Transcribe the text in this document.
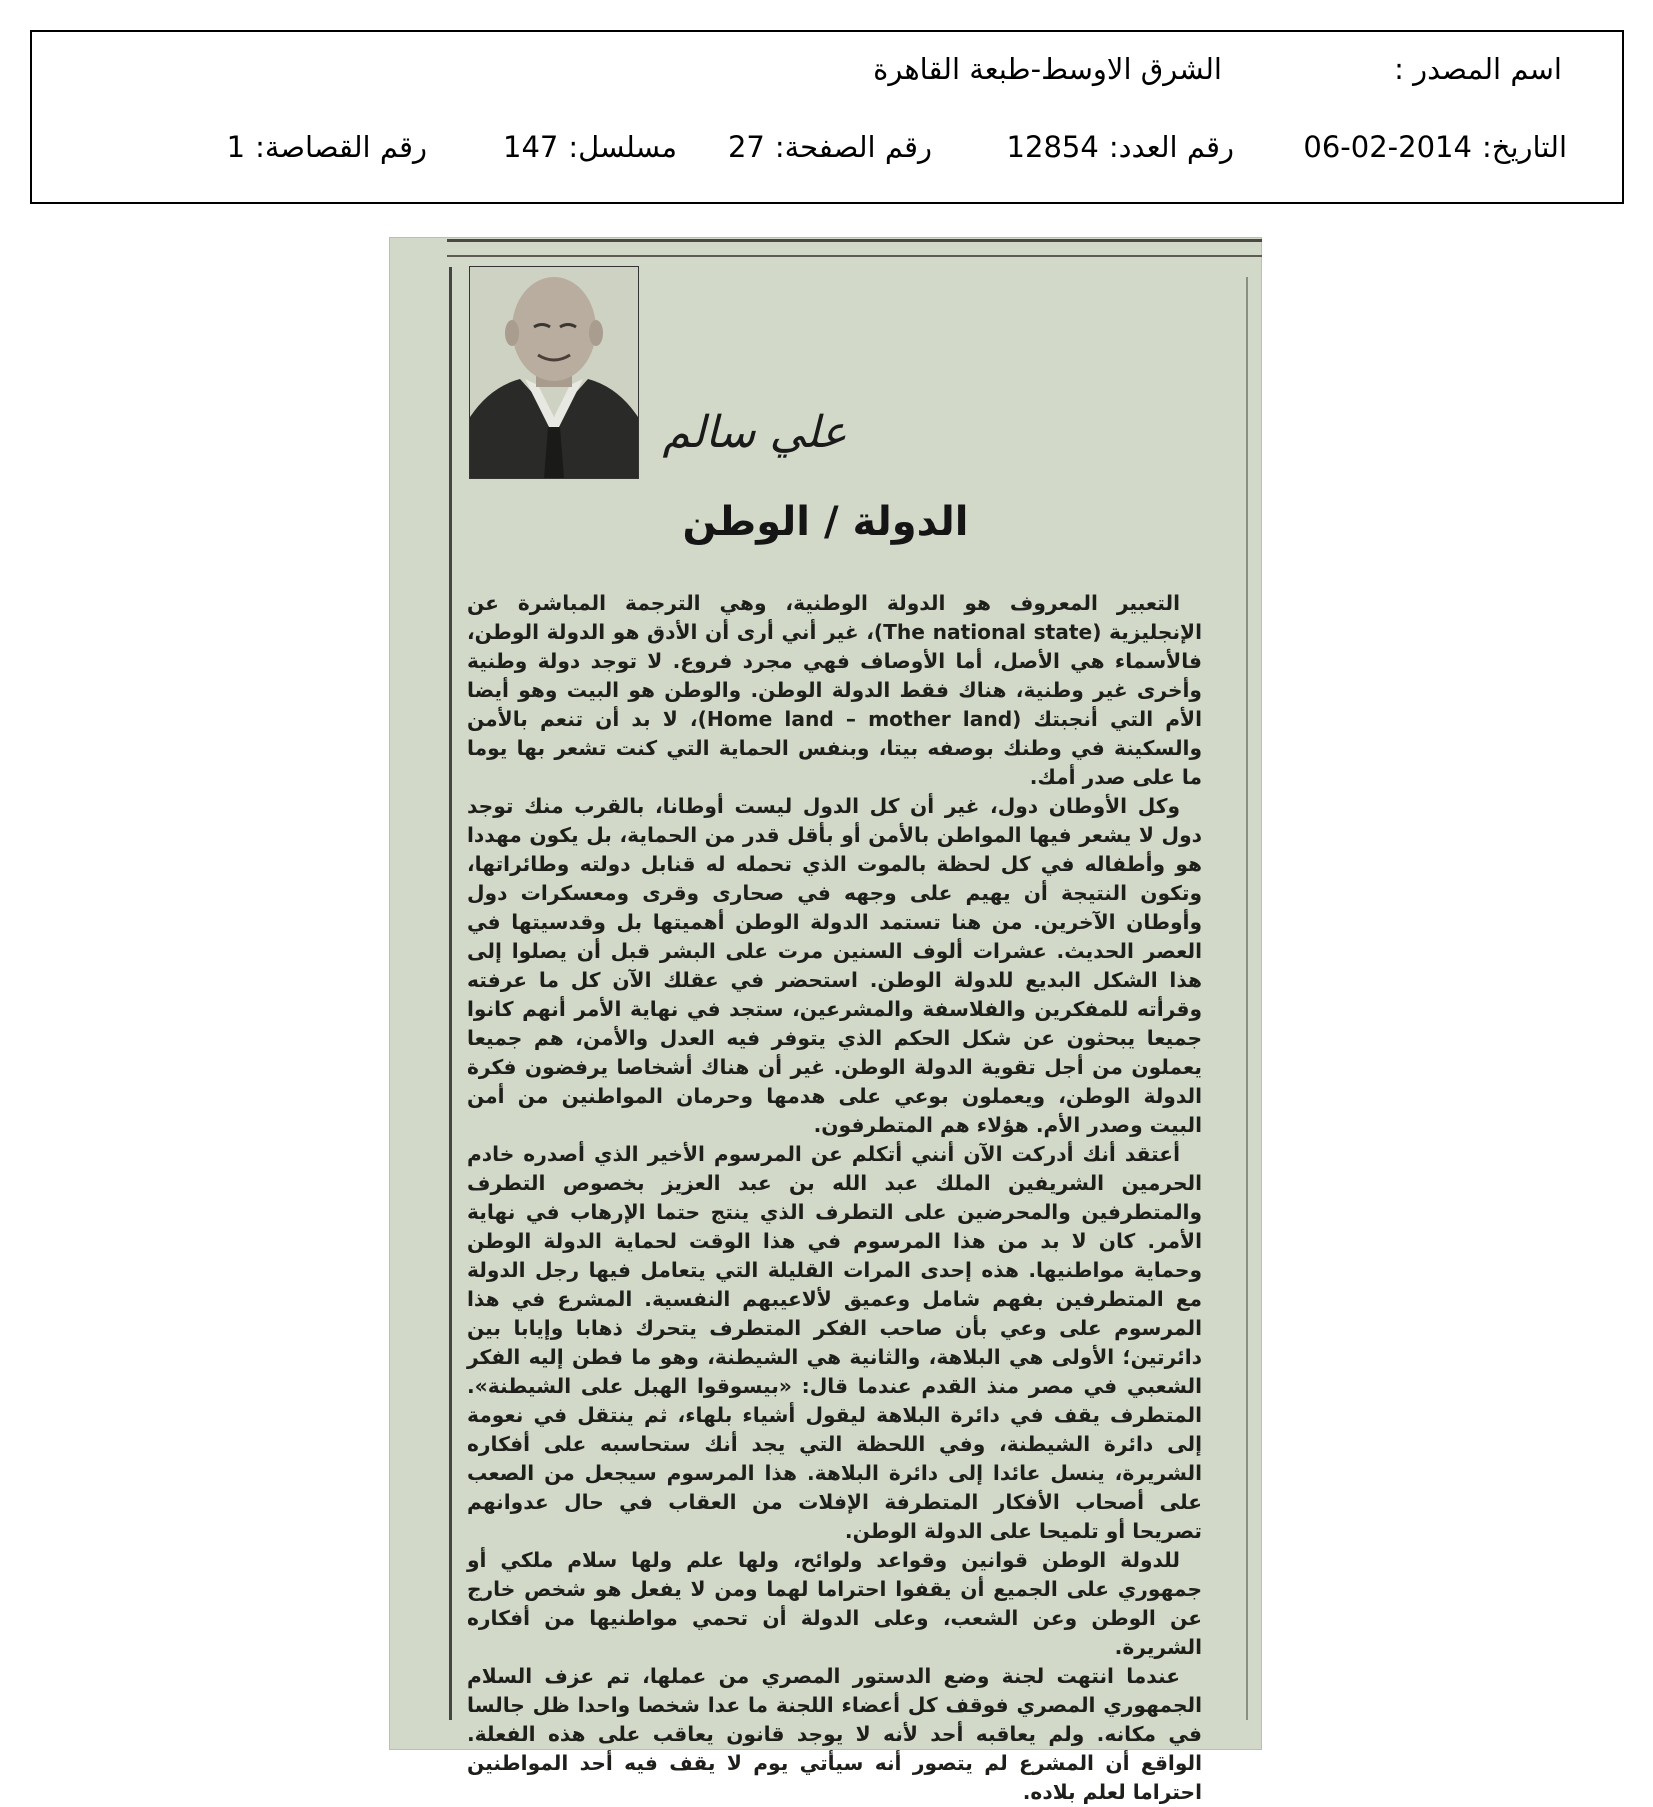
اسم المصدر :
الشرق الاوسط-طبعة القاهرة
التاريخ:2014-02-06
رقم العدد:12854
رقم الصفحة:27
مسلسل:147
رقم القصاصة:1
علي سالم
الدولة / الوطن

التعبير المعروف هو الدولة الوطنية، وهي الترجمة المباشرة عن الإنجليزية (The national state)، غير أني أرى أن الأدق هو الدولة الوطن، فالأسماء هي الأصل، أما الأوصاف فهي مجرد فروع. لا توجد دولة وطنية وأخرى غير وطنية، هناك فقط الدولة الوطن. والوطن هو البيت وهو أيضا الأم التي أنجبتك (Home land – mother land)، لا بد أن تنعم بالأمن والسكينة في وطنك بوصفه بيتا، وبنفس الحماية التي كنت تشعر بها يوما ما على صدر أمك.

وكل الأوطان دول، غير أن كل الدول ليست أوطانا، بالقرب منك توجد دول لا يشعر فيها المواطن بالأمن أو بأقل قدر من الحماية، بل يكون مهددا هو وأطفاله في كل لحظة بالموت الذي تحمله له قنابل دولته وطائراتها، وتكون النتيجة أن يهيم على وجهه في صحارى وقرى ومعسكرات دول وأوطان الآخرين. من هنا تستمد الدولة الوطن أهميتها بل وقدسيتها في العصر الحديث. عشرات ألوف السنين مرت على البشر قبل أن يصلوا إلى هذا الشكل البديع للدولة الوطن. استحضر في عقلك الآن كل ما عرفته وقرأته للمفكرين والفلاسفة والمشرعين، ستجد في نهاية الأمر أنهم كانوا جميعا يبحثون عن شكل الحكم الذي يتوفر فيه العدل والأمن، هم جميعا يعملون من أجل تقوية الدولة الوطن. غير أن هناك أشخاصا يرفضون فكرة الدولة الوطن، ويعملون بوعي على هدمها وحرمان المواطنين من أمن البيت وصدر الأم. هؤلاء هم المتطرفون.

أعتقد أنك أدركت الآن أنني أتكلم عن المرسوم الأخير الذي أصدره خادم الحرمين الشريفين الملك عبد الله بن عبد العزيز بخصوص التطرف والمتطرفين والمحرضين على التطرف الذي ينتج حتما الإرهاب في نهاية الأمر. كان لا بد من هذا المرسوم في هذا الوقت لحماية الدولة الوطن وحماية مواطنيها. هذه إحدى المرات القليلة التي يتعامل فيها رجل الدولة مع المتطرفين بفهم شامل وعميق لألاعيبهم النفسية. المشرع في هذا المرسوم على وعي بأن صاحب الفكر المتطرف يتحرك ذهابا وإيابا بين دائرتين؛ الأولى هي البلاهة، والثانية هي الشيطنة، وهو ما فطن إليه الفكر الشعبي في مصر منذ القدم عندما قال: «بيسوقوا الهبل على الشيطنة». المتطرف يقف في دائرة البلاهة ليقول أشياء بلهاء، ثم ينتقل في نعومة إلى دائرة الشيطنة، وفي اللحظة التي يجد أنك ستحاسبه على أفكاره الشريرة، ينسل عائدا إلى دائرة البلاهة. هذا المرسوم سيجعل من الصعب على أصحاب الأفكار المتطرفة الإفلات من العقاب في حال عدوانهم تصريحا أو تلميحا على الدولة الوطن.

للدولة الوطن قوانين وقواعد ولوائح، ولها علم ولها سلام ملكي أو جمهوري على الجميع أن يقفوا احتراما لهما ومن لا يفعل هو شخص خارج عن الوطن وعن الشعب، وعلى الدولة أن تحمي مواطنيها من أفكاره الشريرة.

عندما انتهت لجنة وضع الدستور المصري من عملها، تم عزف السلام الجمهوري المصري فوقف كل أعضاء اللجنة ما عدا شخصا واحدا ظل جالسا في مكانه. ولم يعاقبه أحد لأنه لا يوجد قانون يعاقب على هذه الفعلة. الواقع أن المشرع لم يتصور أنه سيأتي يوم لا يقف فيه أحد المواطنين احتراما لعلم بلاده.
